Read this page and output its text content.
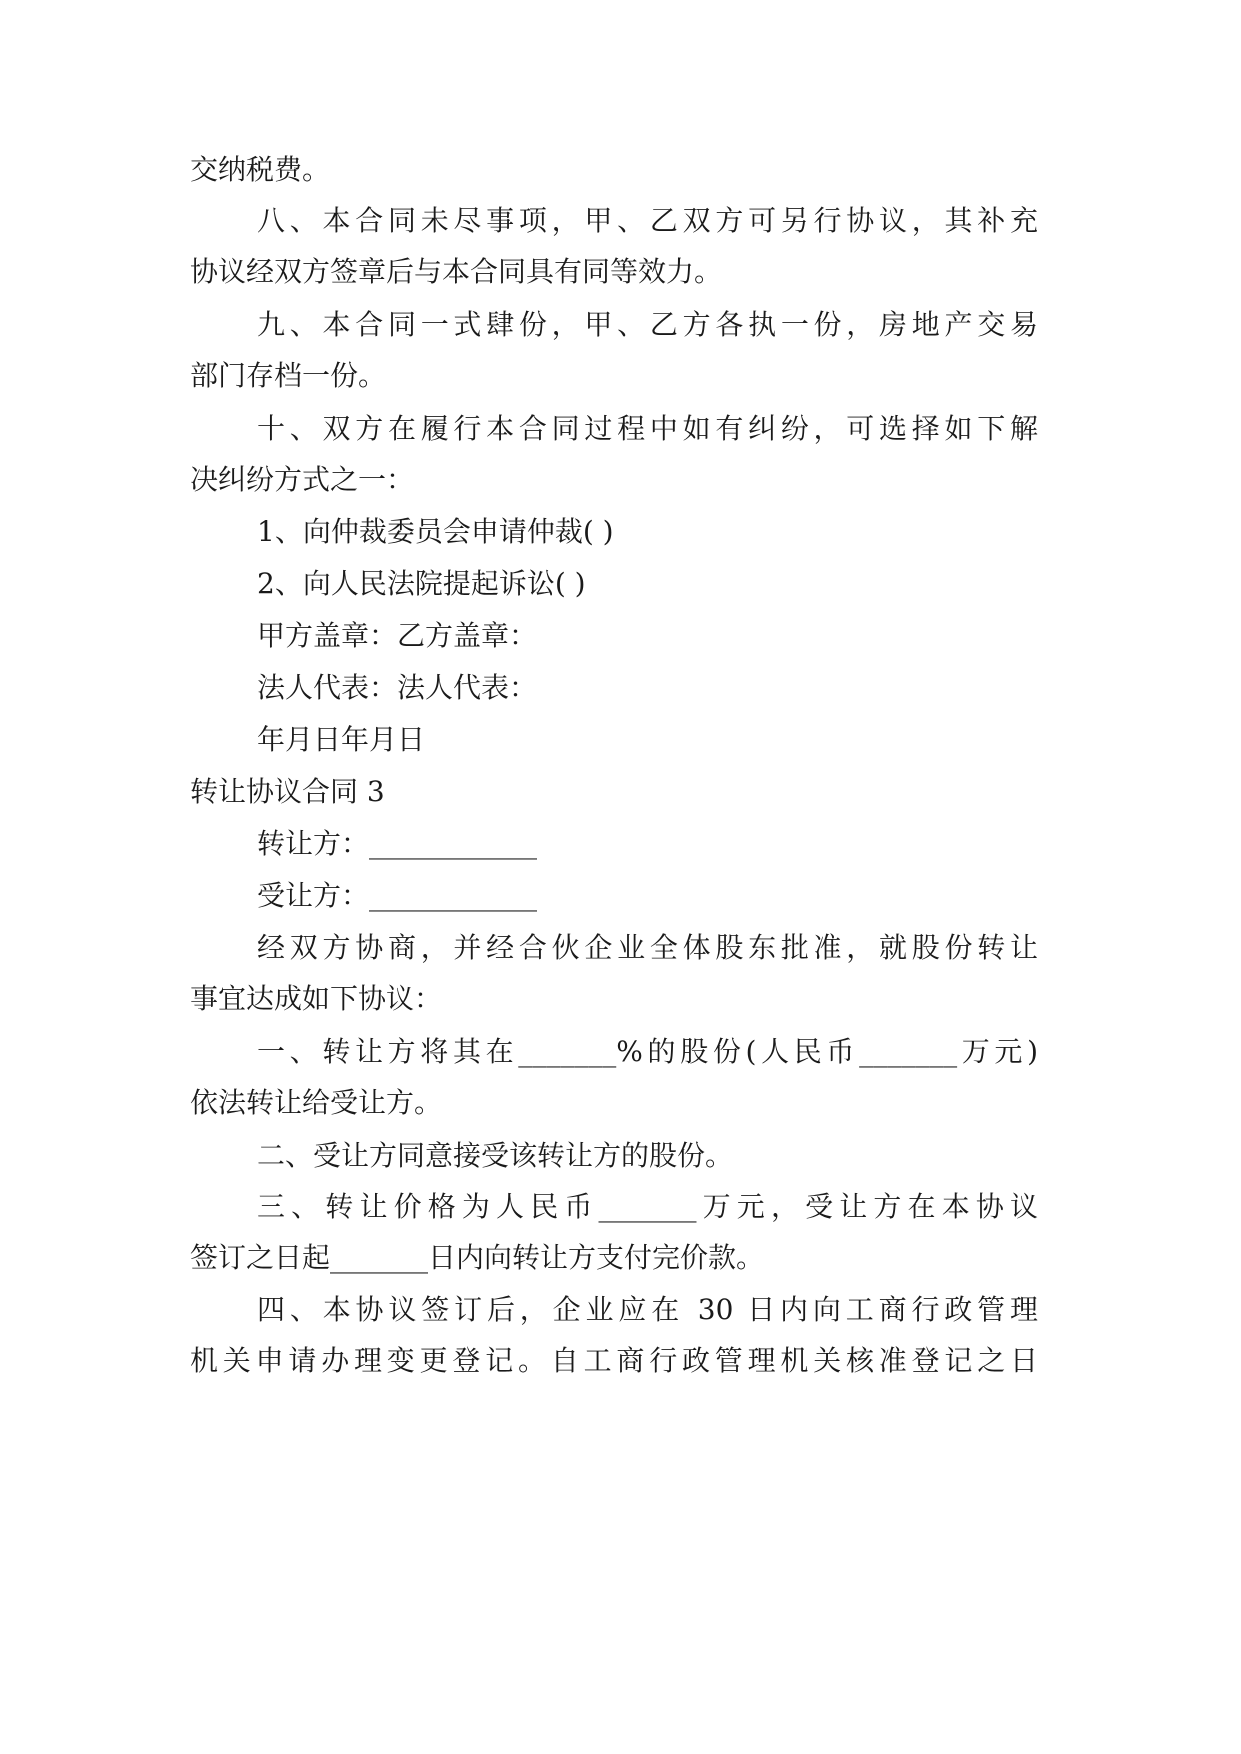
交纳税费。
八、本合同未尽事项，甲、乙双方可另行协议，其补充
协议经双方签章后与本合同具有同等效力。
九、本合同一式肆份，甲、乙方各执一份，房地产交易
部门存档一份。
十、双方在履行本合同过程中如有纠纷，可选择如下解
决纠纷方式之一：
1、向仲裁委员会申请仲裁( )
2、向人民法院提起诉讼( )
甲方盖章：乙方盖章：
法人代表：法人代表：
年月日年月日
转让协议合同 3
转让方：____________
受让方：____________
经双方协商，并经合伙企业全体股东批准，就股份转让
事宜达成如下协议：
一、转让方将其在_______%的股份(人民币_______万元)
依法转让给受让方。
二、受让方同意接受该转让方的股份。
三、转让价格为人民币_______万元，受让方在本协议
签订之日起_______日内向转让方支付完价款。
四、本协议签订后，企业应在 30 日内向工商行政管理
机关申请办理变更登记。自工商行政管理机关核准登记之日
